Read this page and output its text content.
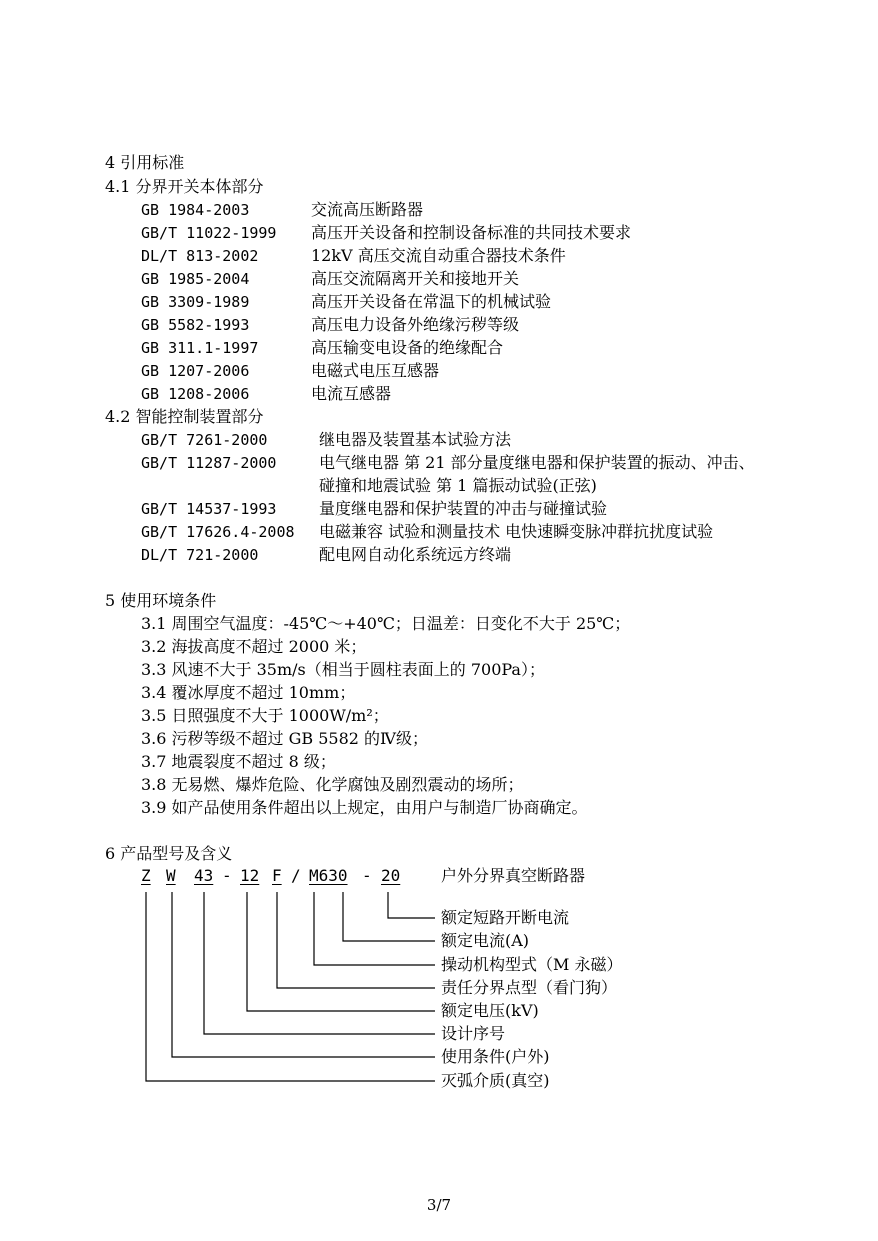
4 引用标准
4.1 分界开关本体部分
GB 1984-2003	交流高压断路器
GB/T 11022-1999 高压开关设备和控制设备标准的共同技术要求
DL/T 813-2002	12kV 高压交流自动重合器技术条件
GB 1985-2004	高压交流隔离开关和接地开关
GB 3309-1989	高压开关设备在常温下的机械试验
GB 5582-1993	高压电力设备外绝缘污秽等级
GB 311.1-1997	高压输变电设备的绝缘配合
GB 1207-2006	电磁式电压互感器
GB 1208-2006	电流互感器
4.2 智能控制装置部分
GB/T 7261-2000	继电器及装置基本试验方法
GB/T 11287-2000	电气继电器 第 21 部分量度继电器和保护装置的振动、冲击、
碰撞和地震试验 第 1 篇振动试验(正弦)
GB/T 14537-1993	量度继电器和保护装置的冲击与碰撞试验
GB/T 17626.4-2008 电磁兼容 试验和测量技术 电快速瞬变脉冲群抗扰度试验
DL/T 721-2000	配电网自动化系统远方终端
5 使用环境条件
3.1 周围空气温度：-45℃～+40℃；日温差：日变化不大于 25℃；
3.2 海拔高度不超过 2000 米；
3.3 风速不大于 35m/s（相当于圆柱表面上的 700Pa）；
3.4 覆冰厚度不超过 10mm；
3.5 日照强度不大于 1000W/m²；
3.6 污秽等级不超过 GB 5582 的Ⅳ级；
3.7 地震裂度不超过 8 级；
3.8 无易燃、爆炸危险、化学腐蚀及剧烈震动的场所；
3.9 如产品使用条件超出以上规定，由用户与制造厂协商确定。
6 产品型号及含义
Z W 43 - 12 F / M630 - 20	户外分界真空断路器
额定短路开断电流
额定电流(A)
操动机构型式（M 永磁）
责任分界点型（看门狗）
额定电压(kV)
设计序号
使用条件(户外)
灭弧介质(真空)
3/7
